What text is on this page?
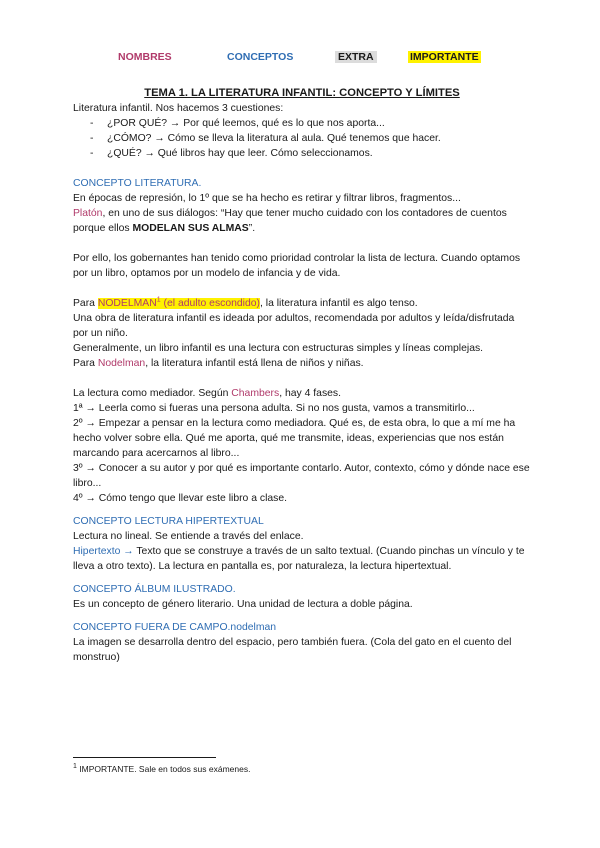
NOMBRES	CONCEPTOS	EXTRA	IMPORTANTE

TEMA 1. LA LITERATURA INFANTIL: CONCEPTO Y LÍMITES

Literatura infantil. Nos hacemos 3 cuestiones:

- ¿POR QUÉ? → Por qué leemos, qué es lo que nos aporta...
- ¿CÓMO? → Cómo se lleva la literatura al aula. Qué tenemos que hacer.
- ¿QUÉ? → Qué libros hay que leer. Cómo seleccionamos.

CONCEPTO LITERATURA.

En épocas de represión, lo 1º que se ha hecho es retirar y filtrar libros, fragmentos...

Platón, en uno de sus diálogos: “Hay que tener mucho cuidado con los contadores de cuentos porque ellos MODELAN SUS ALMAS”.

Por ello, los gobernantes han tenido como prioridad controlar la lista de lectura. Cuando optamos por un libro, optamos por un modelo de infancia y de vida.

Para NODELMAN$^1$ (el adulto escondido), la literatura infantil es algo tenso.

Una obra de literatura infantil es ideada por adultos, recomendada por adultos y leída/disfrutada por un niño.

Generalmente, un libro infantil es una lectura con estructuras simples y líneas complejas.

Para Nodelman, la literatura infantil está llena de niños y niñas.

La lectura como mediador. Según Chambers, hay 4 fases.

1ª → Leerla como si fueras una persona adulta. Si no nos gusta, vamos a transmitirlo...

2º → Empezar a pensar en la lectura como mediadora. Qué es, de esta obra, lo que a mí me ha hecho volver sobre ella. Qué me aporta, qué me transmite, ideas, experiencias que nos están marcando para acercarnos al libro...

3º → Conocer a su autor y por qué es importante contarlo. Autor, contexto, cómo y dónde nace ese libro...

4º → Cómo tengo que llevar este libro a clase.

CONCEPTO LECTURA HIPERTEXTUAL

Lectura no lineal. Se entiende a través del enlace.

Hipertexto → Texto que se construye a través de un salto textual. (Cuando pinchas un vínculo y te lleva a otro texto). La lectura en pantalla es, por naturaleza, la lectura hipertextual.

CONCEPTO ÁLBUM ILUSTRADO.

Es un concepto de género literario. Una unidad de lectura a doble página.

CONCEPTO FUERA DE CAMPO.nodelman

La imagen se desarrolla dentro del espacio, pero también fuera. (Cola del gato en el cuento del monstruo)

$^1$ IMPORTANTE. Sale en todos sus exámenes.
